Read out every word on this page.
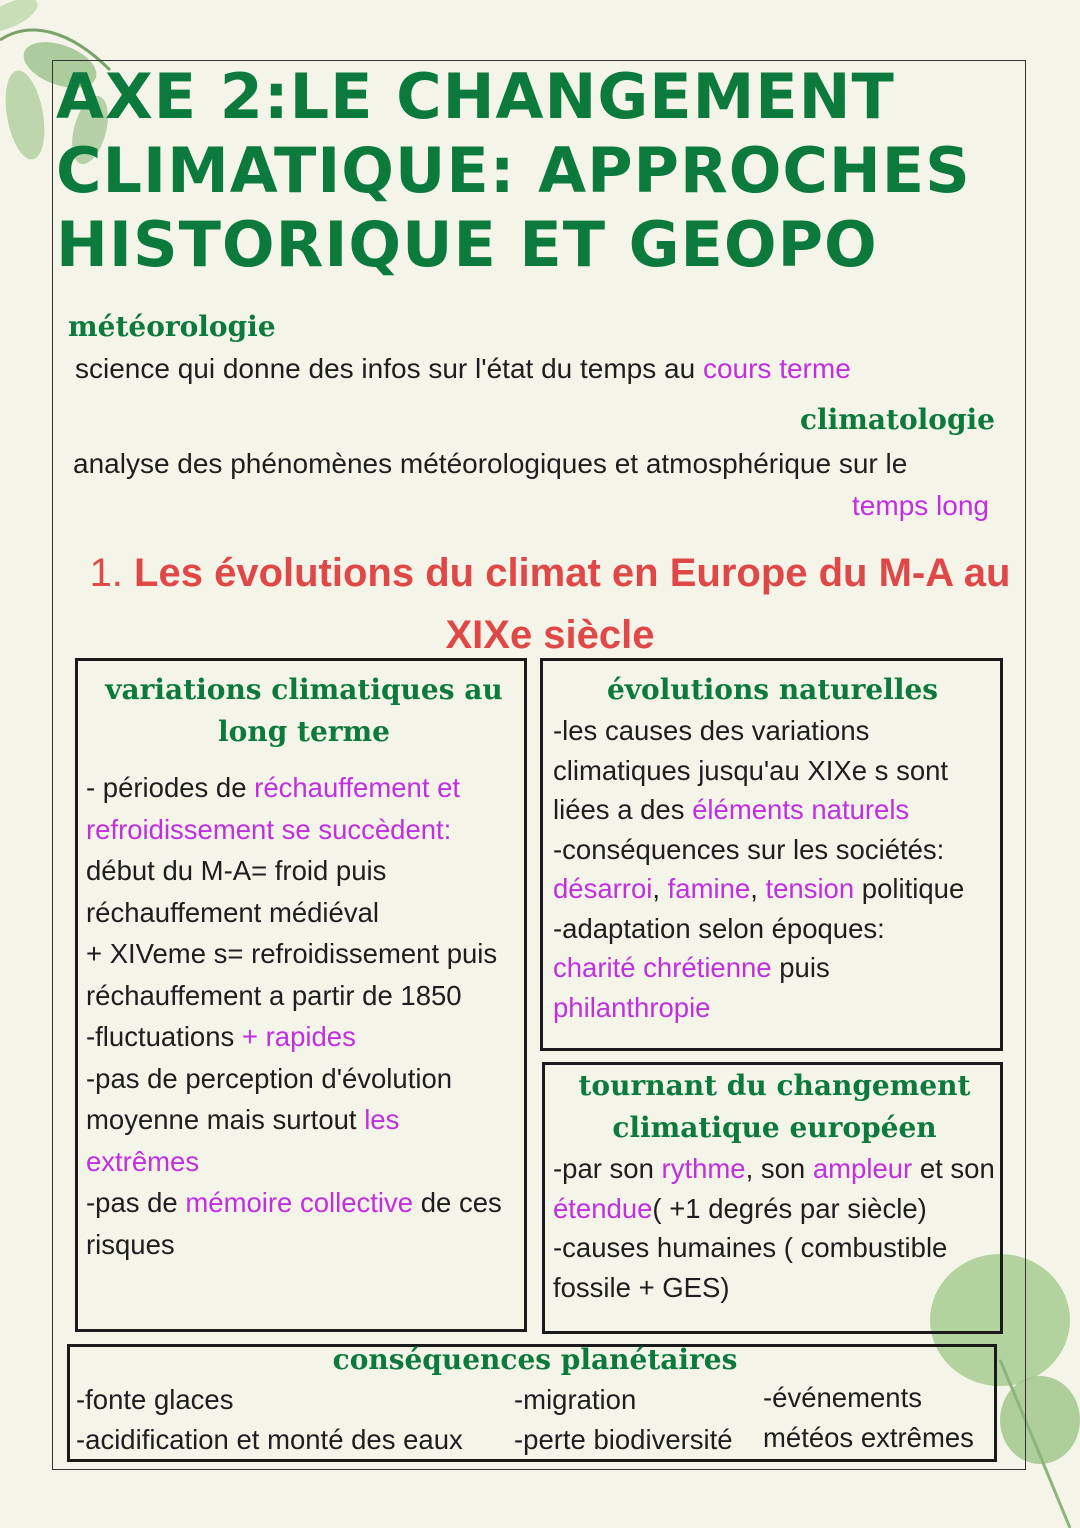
AXE 2:LE CHANGEMENT CLIMATIQUE: APPROCHES HISTORIQUE ET GEOPO
météorologie
science qui donne des infos sur l'état du temps au cours terme
climatologie
analyse des phénomènes météorologiques et atmosphérique sur le
temps long
1. Les évolutions du climat en Europe du M-A au XIXe siècle
variations climatiques au long terme

- périodes de réchauffement et refroidissement se succèdent:

début du M-A= froid puis réchauffement médiéval

+ XIVeme s= refroidissement puis réchauffement a partir de 1850

-fluctuations + rapides

-pas de perception d'évolution moyenne mais surtout les extrêmes

-pas de mémoire collective de ces risques

évolutions naturelles

-les causes des variations climatiques jusqu'au XIXe s sont liées a des éléments naturels

-conséquences sur les sociétés:

désarroi, famine, tension politique

-adaptation selon époques:

charité chrétienne puis

philanthropie

tournant du changement climatique européen

-par son rythme, son ampleur et son étendue( +1 degrés par siècle)

-causes humaines ( combustible fossile + GES)

conséquences planétaires
-fonte glaces
-acidification et monté des eaux
-migration
-perte biodiversité
-événements
météos extrêmes
